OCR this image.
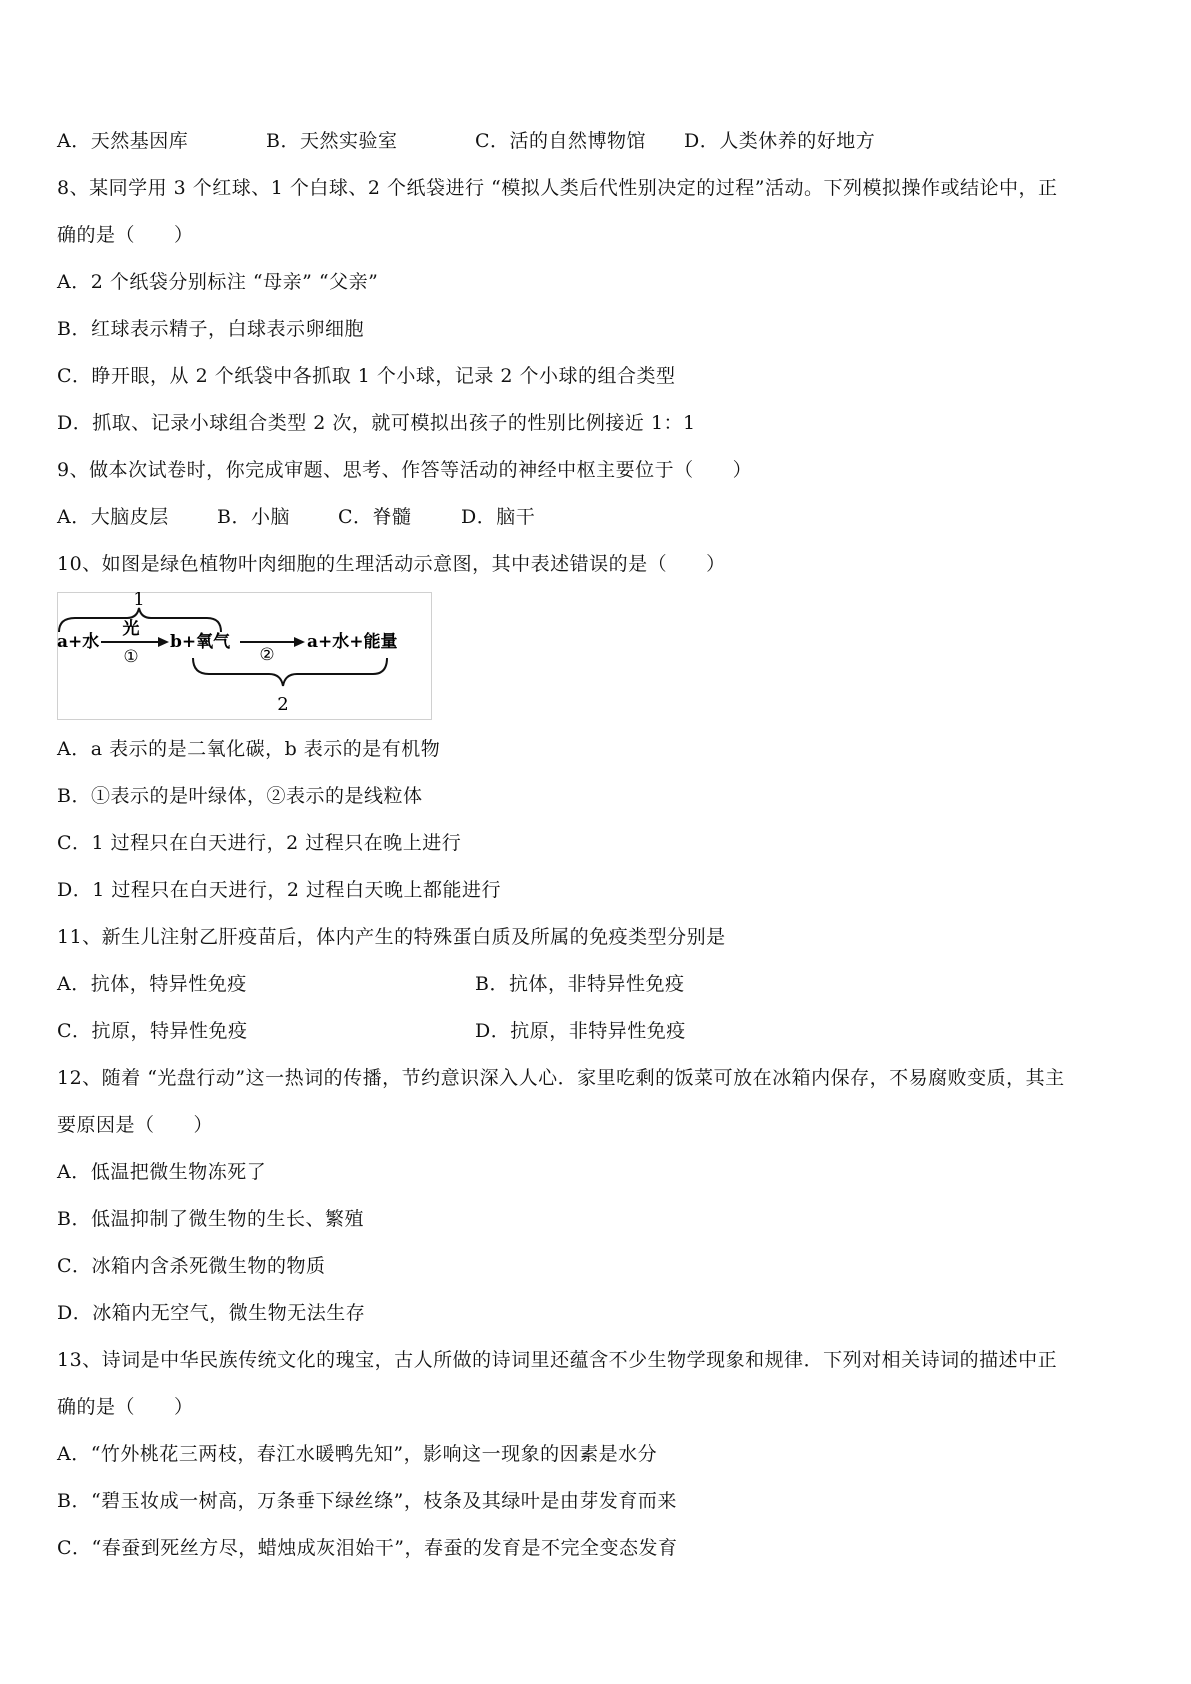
A．天然基因库	B．天然实验室	C．活的自然博物馆 D．人类休养的好地方
8、某同学用 3 个红球、1 个白球、2 个纸袋进行 “模拟人类后代性别决定的过程”活动。下列模拟操作或结论中，正
确的是（　　）
A．2 个纸袋分别标注 “母亲” “父亲”
B．红球表示精子，白球表示卵细胞
C．睁开眼，从 2 个纸袋中各抓取 1 个小球，记录 2 个小球的组合类型
D．抓取、记录小球组合类型 2 次，就可模拟出孩子的性别比例接近 1：1
9、做本次试卷时，你完成审题、思考、作答等活动的神经中枢主要位于（　　）
A．大脑皮层	B．小脑	C．脊髓	D．脑干
10、如图是绿色植物叶肉细胞的生理活动示意图，其中表述错误的是（　　）
1
a+水
光
①
b+氧气
②
a+水+能量
2
A．a 表示的是二氧化碳，b 表示的是有机物
B．①表示的是叶绿体，②表示的是线粒体
C．1 过程只在白天进行，2 过程只在晚上进行
D．1 过程只在白天进行，2 过程白天晚上都能进行
11、新生儿注射乙肝疫苗后，体内产生的特殊蛋白质及所属的免疫类型分别是
A．抗体，特异性免疫	B．抗体，非特异性免疫
C．抗原，特异性免疫	D．抗原，非特异性免疫
12、随着 “光盘行动”这一热词的传播，节约意识深入人心．家里吃剩的饭菜可放在冰箱内保存，不易腐败变质，其主
要原因是（　　）
A．低温把微生物冻死了
B．低温抑制了微生物的生长、繁殖
C．冰箱内含杀死微生物的物质
D．冰箱内无空气，微生物无法生存
13、诗词是中华民族传统文化的瑰宝，古人所做的诗词里还蕴含不少生物学现象和规律．下列对相关诗词的描述中正
确的是（　　）
A．“竹外桃花三两枝，春江水暖鸭先知”，影响这一现象的因素是水分
B．“碧玉妆成一树高，万条垂下绿丝绦”，枝条及其绿叶是由芽发育而来
C．“春蚕到死丝方尽，蜡烛成灰泪始干”，春蚕的发育是不完全变态发育
